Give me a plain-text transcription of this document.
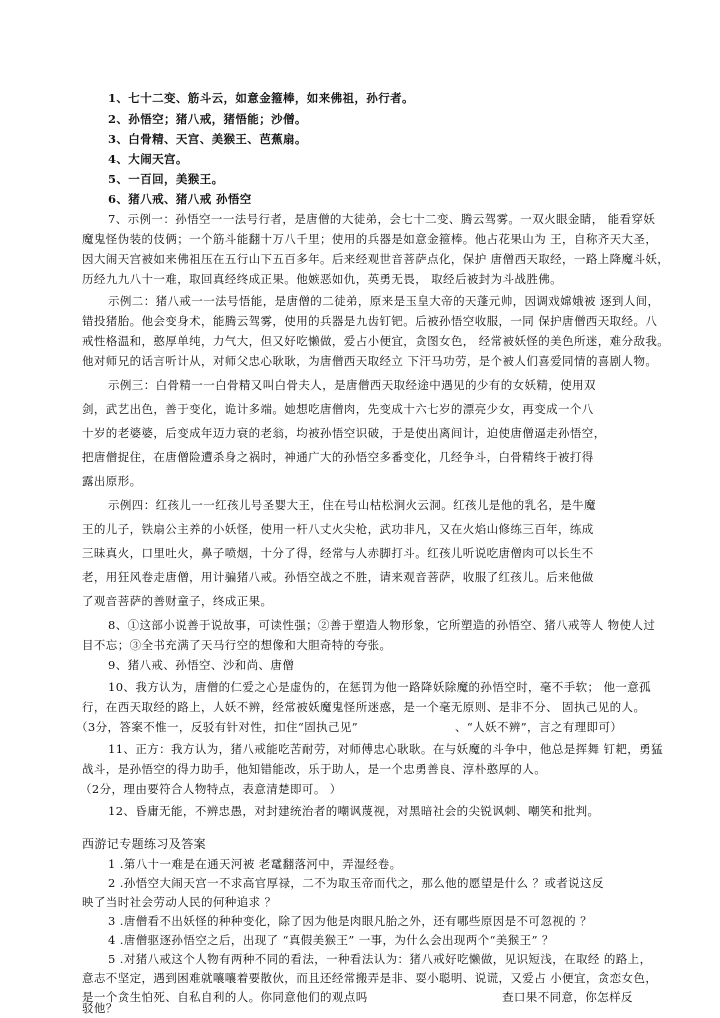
1、七十二变、筋斗云，如意金箍棒，如来佛祖，孙行者。
2、孙悟空；猪八戒，猪悟能；沙僧。
3、白骨精、天宫、美猴王、芭蕉扇。
4、大闹天宫。
5、一百回，美猴王。
6、猪八戒、猪八戒 孙悟空
7、示例一：孙悟空一一法号行者，是唐僧的大徒弟，会七十二变、腾云驾雾。一双火眼金睛， 能看穿妖
魔鬼怪伪装的伎俩；一个筋斗能翻十万八千里；使用的兵器是如意金箍棒。他占花果山为 王，自称齐天大圣，
因大闹天宫被如来佛祖压在五行山下五百多年。后来经观世音菩萨点化，保护 唐僧西天取经，一路上降魔斗妖，
历经九九八十一难，取回真经终成正果。他嫉恶如仇，英勇无畏， 取经后被封为斗战胜佛。
示例二：猪八戒一一法号悟能，是唐僧的二徒弟，原来是玉皇大帝的天蓬元帅，因调戏嫦娥被 逐到人间，
错投猪胎。他会变身术，能腾云驾雾，使用的兵器是九齿钉钯。后被孙悟空收服，一同 保护唐僧西天取经。八
戒性格温和，憨厚单纯，力气大，但又好吃懒做，爱占小便宜，贪图女色， 经常被妖怪的美色所迷，难分敌我。
他对师兄的话言听计从，对师父忠心耿耿，为唐僧西天取经立 下汗马功劳，是个被人们喜爱同情的喜剧人物。
示例三：白骨精一一白骨精又叫白骨夫人，是唐僧西天取经途中遇见的少有的女妖精，使用双
剑，武艺出色，善于变化，诡计多端。她想吃唐僧肉，先变成十六七岁的漂亮少女，再变成一个八
十岁的老婆婆，后变成年迈力衰的老翁，均被孙悟空识破，于是使出离间计，迫使唐僧逼走孙悟空，
把唐僧捉住，在唐僧险遭杀身之祸时，神通广大的孙悟空多番变化，几经争斗，白骨精终于被打得
露出原形。
示例四：红孩儿一一红孩儿号圣婴大王，住在号山枯松涧火云洞。红孩儿是他的乳名，是牛魔
王的儿子，铁扇公主养的小妖怪，使用一杆八丈火尖枪，武功非凡，又在火焰山修练三百年，练成
三昧真火，口里吐火，鼻子喷烟，十分了得，经常与人赤脚打斗。红孩儿听说吃唐僧肉可以长生不
老，用狂风卷走唐僧，用计骗猪八戒。孙悟空战之不胜，请来观音菩萨，收服了红孩儿。后来他做
了观音菩萨的善财童子，终成正果。
8、①这部小说善于说故事，可读性强；②善于塑造人物形象，它所塑造的孙悟空、猪八戒等人 物使人过
目不忘；③全书充满了天马行空的想像和大胆奇特的夸张。
9、猪八戒、孙悟空、沙和尚、唐僧
10、我方认为，唐僧的仁爱之心是虚伪的，在惩罚为他一路降妖除魔的孙悟空时，毫不手软； 他一意孤
行，在西天取经的路上，人妖不辨，经常被妖魔鬼怪所迷惑，是一个毫无原则、是非不分、 固执己见的人。
（3分，答案不惟一，反驳有针对性，扣住“固执己见”	、“人妖不辨”，言之有理即可）
11、正方：我方认为，猪八戒能吃苦耐劳，对师傅忠心耿耿。在与妖魔的斗争中，他总是挥舞 钉耙，勇猛
战斗，是孙悟空的得力助手，他知错能改，乐于助人，是一个忠勇善良、淳朴憨厚的人。
（2分，理由要符合人物特点，表意清楚即可。 ）
12、昏庸无能，不辨忠愚，对封建统治者的嘲讽蔑视，对黑暗社会的尖锐讽刺、嘲笑和批判。
西游记专题练习及答案
1 .第八十一难是在通天河被 老鼋翻落河中，弄湿经卷。
2 .孙悟空大闹天宫一不求高官厚禄，二不为取玉帝而代之，那么他的愿望是什么 ？或者说这反
映了当时社会劳动人民的何种追求 ？
3 .唐僧看不出妖怪的种种变化，除了因为他是肉眼凡胎之外，还有哪些原因是不可忽视的 ？
4 .唐僧驱逐孙悟空之后，出现了 “真假美猴王” 一事，为什么会出现两个“美猴王” ？
5 .对猪八戒这个人物有两种不同的看法，一种看法认为：猪八戒好吃懒做，见识短浅，在取经 的路上，
意志不坚定，遇到困难就嚷嚷着要散伙，而且还经常搬弄是非、耍小聪明、说谎，又爱占 小便宜，贪恋女色，
是一个贪生怕死、自私自利的人。你同意他们的观点吗	查口果不同意，你怎样反
驳他？
